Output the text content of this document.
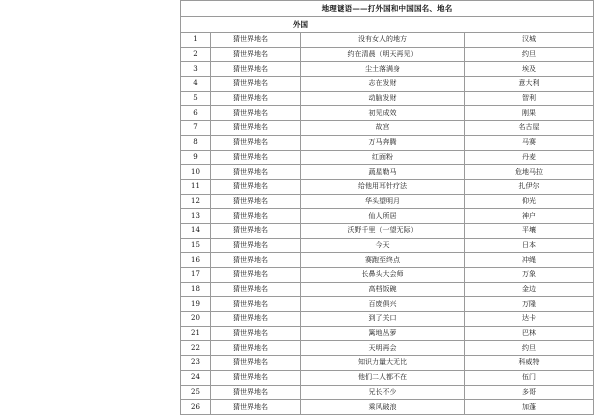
地理谜语——打外国和中国国名、地名			
外国			
1	猜世界地名	没有女人的地方	汉城
2	猜世界地名	约在清晨（明天再见）	约旦
3	猜世界地名	尘土落满身	埃及
4	猜世界地名	志在发财	意大利
5	猜世界地名	动脑发财	智利
6	猜世界地名	初见成效	刚果
7	猜世界地名	故宫	名古屋
8	猜世界地名	万马奔腾	马赛
9	猜世界地名	红面粉	丹麦
10	猜世界地名	蔬星勒马	危地马拉
11	猜世界地名	给他用耳针疗法	扎伊尔
12	猜世界地名	华头望明月	仰光
13	猜世界地名	仙人所居	神户
14	猜世界地名	沃野千里（一望无际）	平壤
15	猜世界地名	今天	日本
16	猜世界地名	赛跑至终点	冲绳
17	猜世界地名	长鼻头大会师	万象
18	猜世界地名	高档饭碗	金边
19	猜世界地名	百废俱兴	万隆
20	猜世界地名	到了关口	达卡
21	猜世界地名	篱地丛萝	巴林
22	猜世界地名	天明再会	约旦
23	猜世界地名	知识力量大无比	科威特
24	猜世界地名	他们二人都不在	伍门
25	猜世界地名	兄长不少	多哥
26	猜世界地名	乘风破浪	加蓬
